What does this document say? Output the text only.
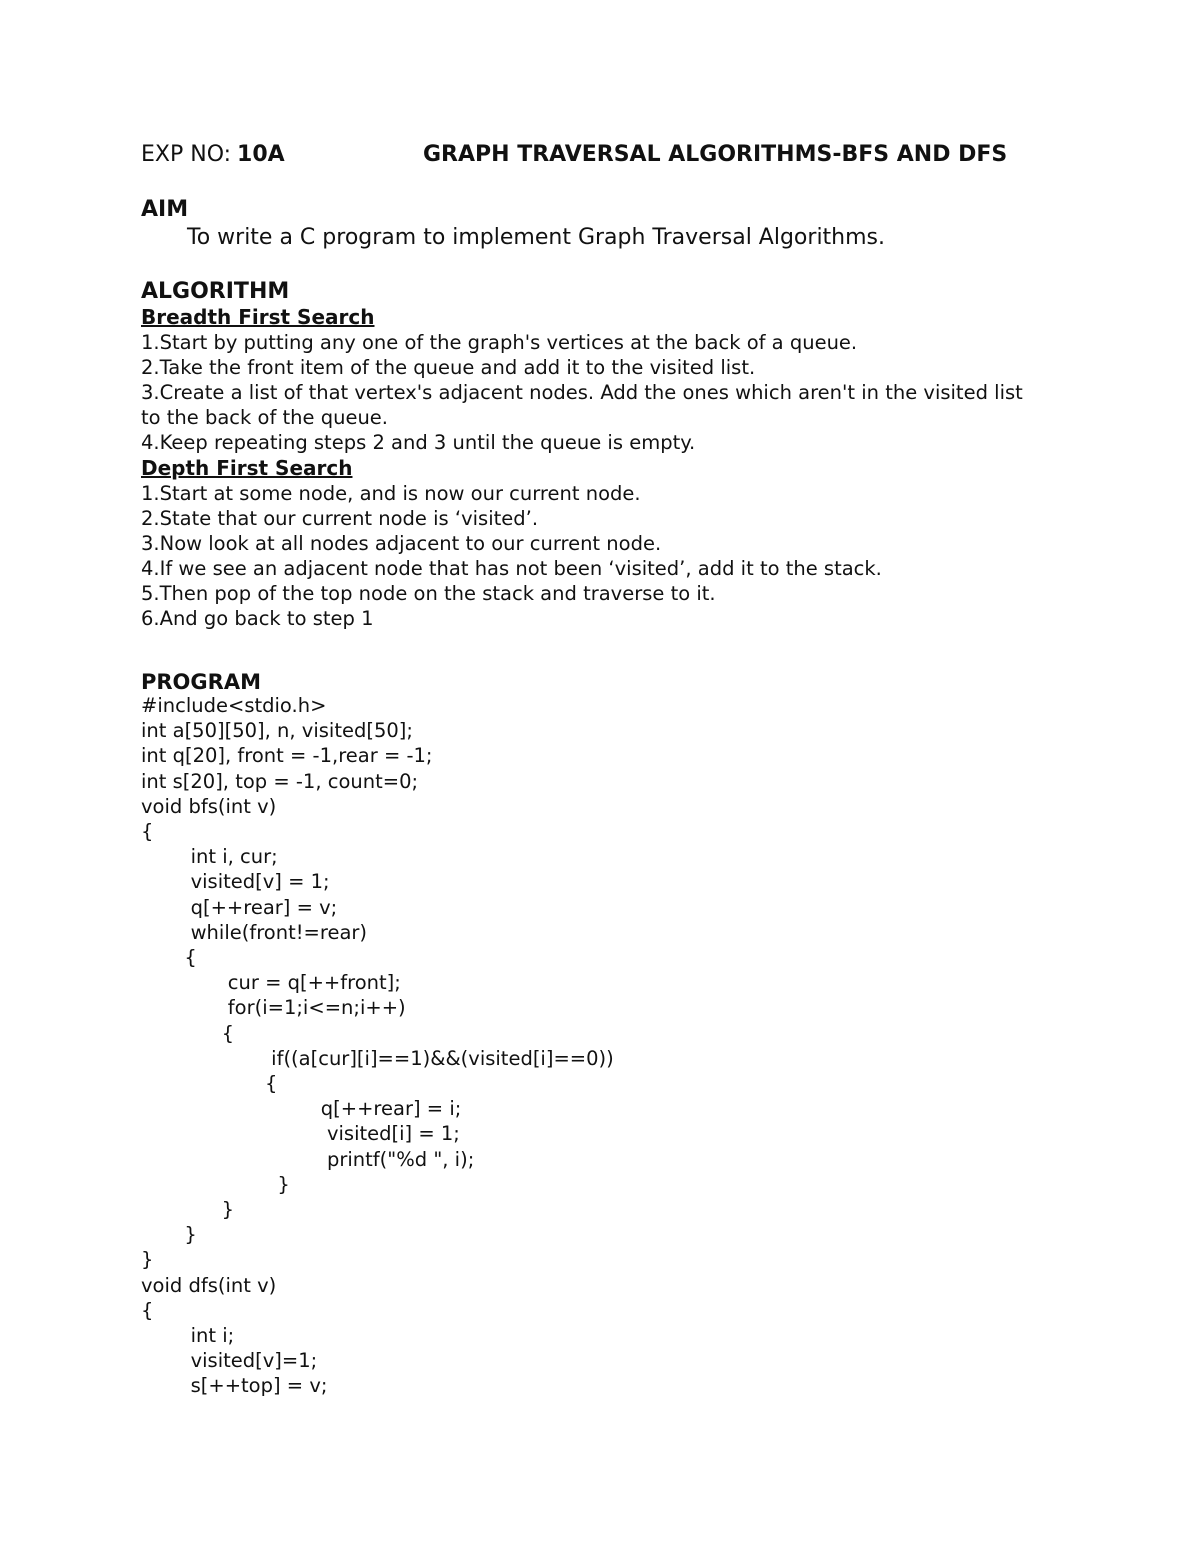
EXP NO: 10A	GRAPH TRAVERSAL ALGORITHMS-BFS AND DFS
AIM
To write a C program to implement Graph Traversal Algorithms.
ALGORITHM
Breadth First Search
1.Start by putting any one of the graph's vertices at the back of a queue.
2.Take the front item of the queue and add it to the visited list.
3.Create a list of that vertex's adjacent nodes. Add the ones which aren't in the visited list to the back of the queue.
4.Keep repeating steps 2 and 3 until the queue is empty.
Depth First Search
1.Start at some node, and is now our current node.
2.State that our current node is ‘visited’.
3.Now look at all nodes adjacent to our current node.
4.If we see an adjacent node that has not been ‘visited’, add it to the stack.
5.Then pop of the top node on the stack and traverse to it.
6.And go back to step 1
PROGRAM
#include<stdio.h>
int a[50][50], n, visited[50];
int q[20], front = -1,rear = -1;
int s[20], top = -1, count=0;
void bfs(int v)
{
int i, cur;
visited[v] = 1;
q[++rear] = v;
while(front!=rear)
{
cur = q[++front];
for(i=1;i<=n;i++)
{
if((a[cur][i]==1)&&(visited[i]==0))
{
q[++rear] = i;
visited[i] = 1;
printf("%d ", i);
}
}
}
}
void dfs(int v)
{
int i;
visited[v]=1;
s[++top] = v;
